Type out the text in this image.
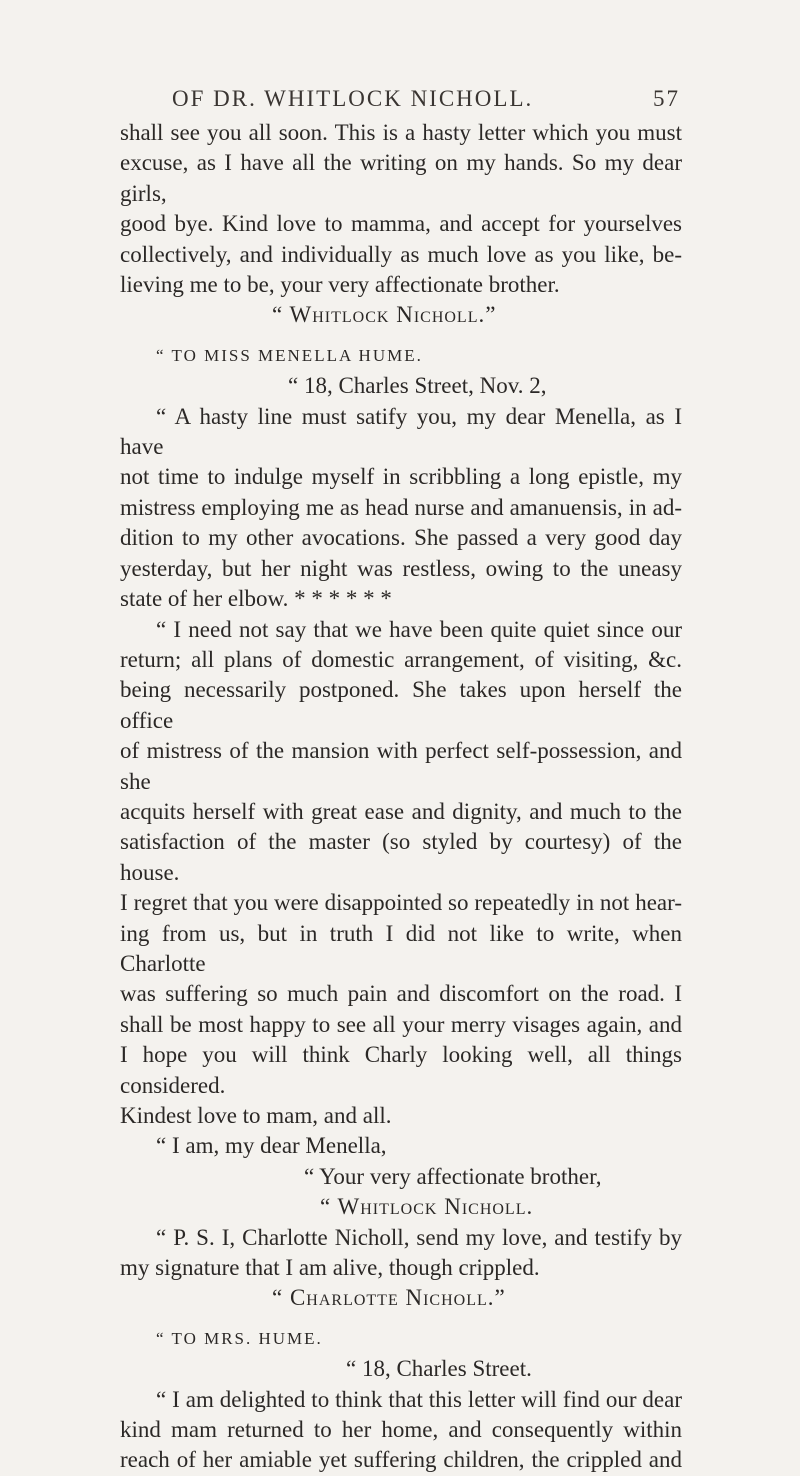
OF DR. WHITLOCK NICHOLL.	57

shall see you all soon. This is a hasty letter which you must

excuse, as I have all the writing on my hands. So my dear girls,

good bye. Kind love to mamma, and accept for yourselves

collectively, and individually as much love as you like, be-

lieving me to be, your very affectionate brother.

“ Whitlock Nicholl.”

“ TO MISS MENELLA HUME.

“ 18, Charles Street, Nov. 2,

“ A hasty line must satify you, my dear Menella, as I have

not time to indulge myself in scribbling a long epistle, my

mistress employing me as head nurse and amanuensis, in ad-

dition to my other avocations. She passed a very good day

yesterday, but her night was restless, owing to the uneasy

state of her elbow. * * * * * *

“ I need not say that we have been quite quiet since our

return; all plans of domestic arrangement, of visiting, &c.

being necessarily postponed. She takes upon herself the office

of mistress of the mansion with perfect self-possession, and she

acquits herself with great ease and dignity, and much to the

satisfaction of the master (so styled by courtesy) of the house.

I regret that you were disappointed so repeatedly in not hear-

ing from us, but in truth I did not like to write, when Charlotte

was suffering so much pain and discomfort on the road. I

shall be most happy to see all your merry visages again, and

I hope you will think Charly looking well, all things considered.

Kindest love to mam, and all.

“ I am, my dear Menella,

“ Your very affectionate brother,

“ Whitlock Nicholl.

“ P. S. I, Charlotte Nicholl, send my love, and testify by

my signature that I am alive, though crippled.

“ Charlotte Nicholl.”

“ TO MRS. HUME.

“ 18, Charles Street.

“ I am delighted to think that this letter will find our dear

kind mam returned to her home, and consequently within

reach of her amiable yet suffering children, the crippled and
